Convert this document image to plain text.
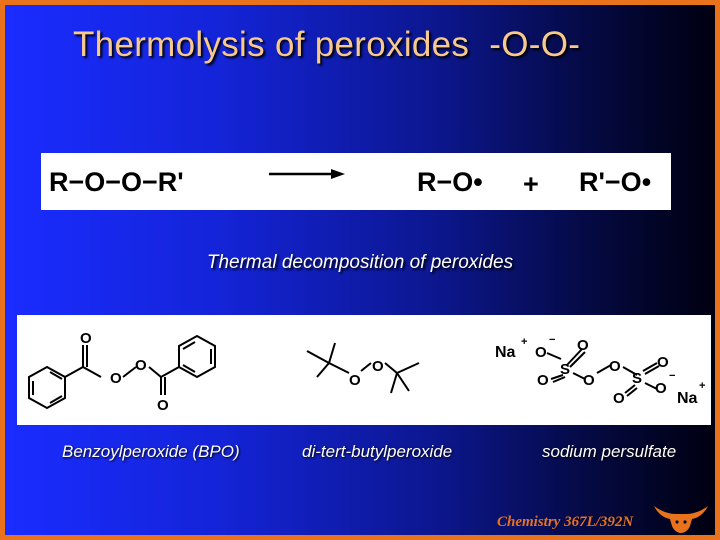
Thermolysis of peroxides  -O-O-
R−O−O−R'	R−O• + R'−O•
Thermal decomposition of peroxides
O
O
O
O
O
O
Na
+
O
− O
S
O O
O
S
O
O
O
−
Na
+
Benzoylperoxide (BPO)	di-tert-butylperoxide	sodium persulfate
Chemistry 367L/392N
